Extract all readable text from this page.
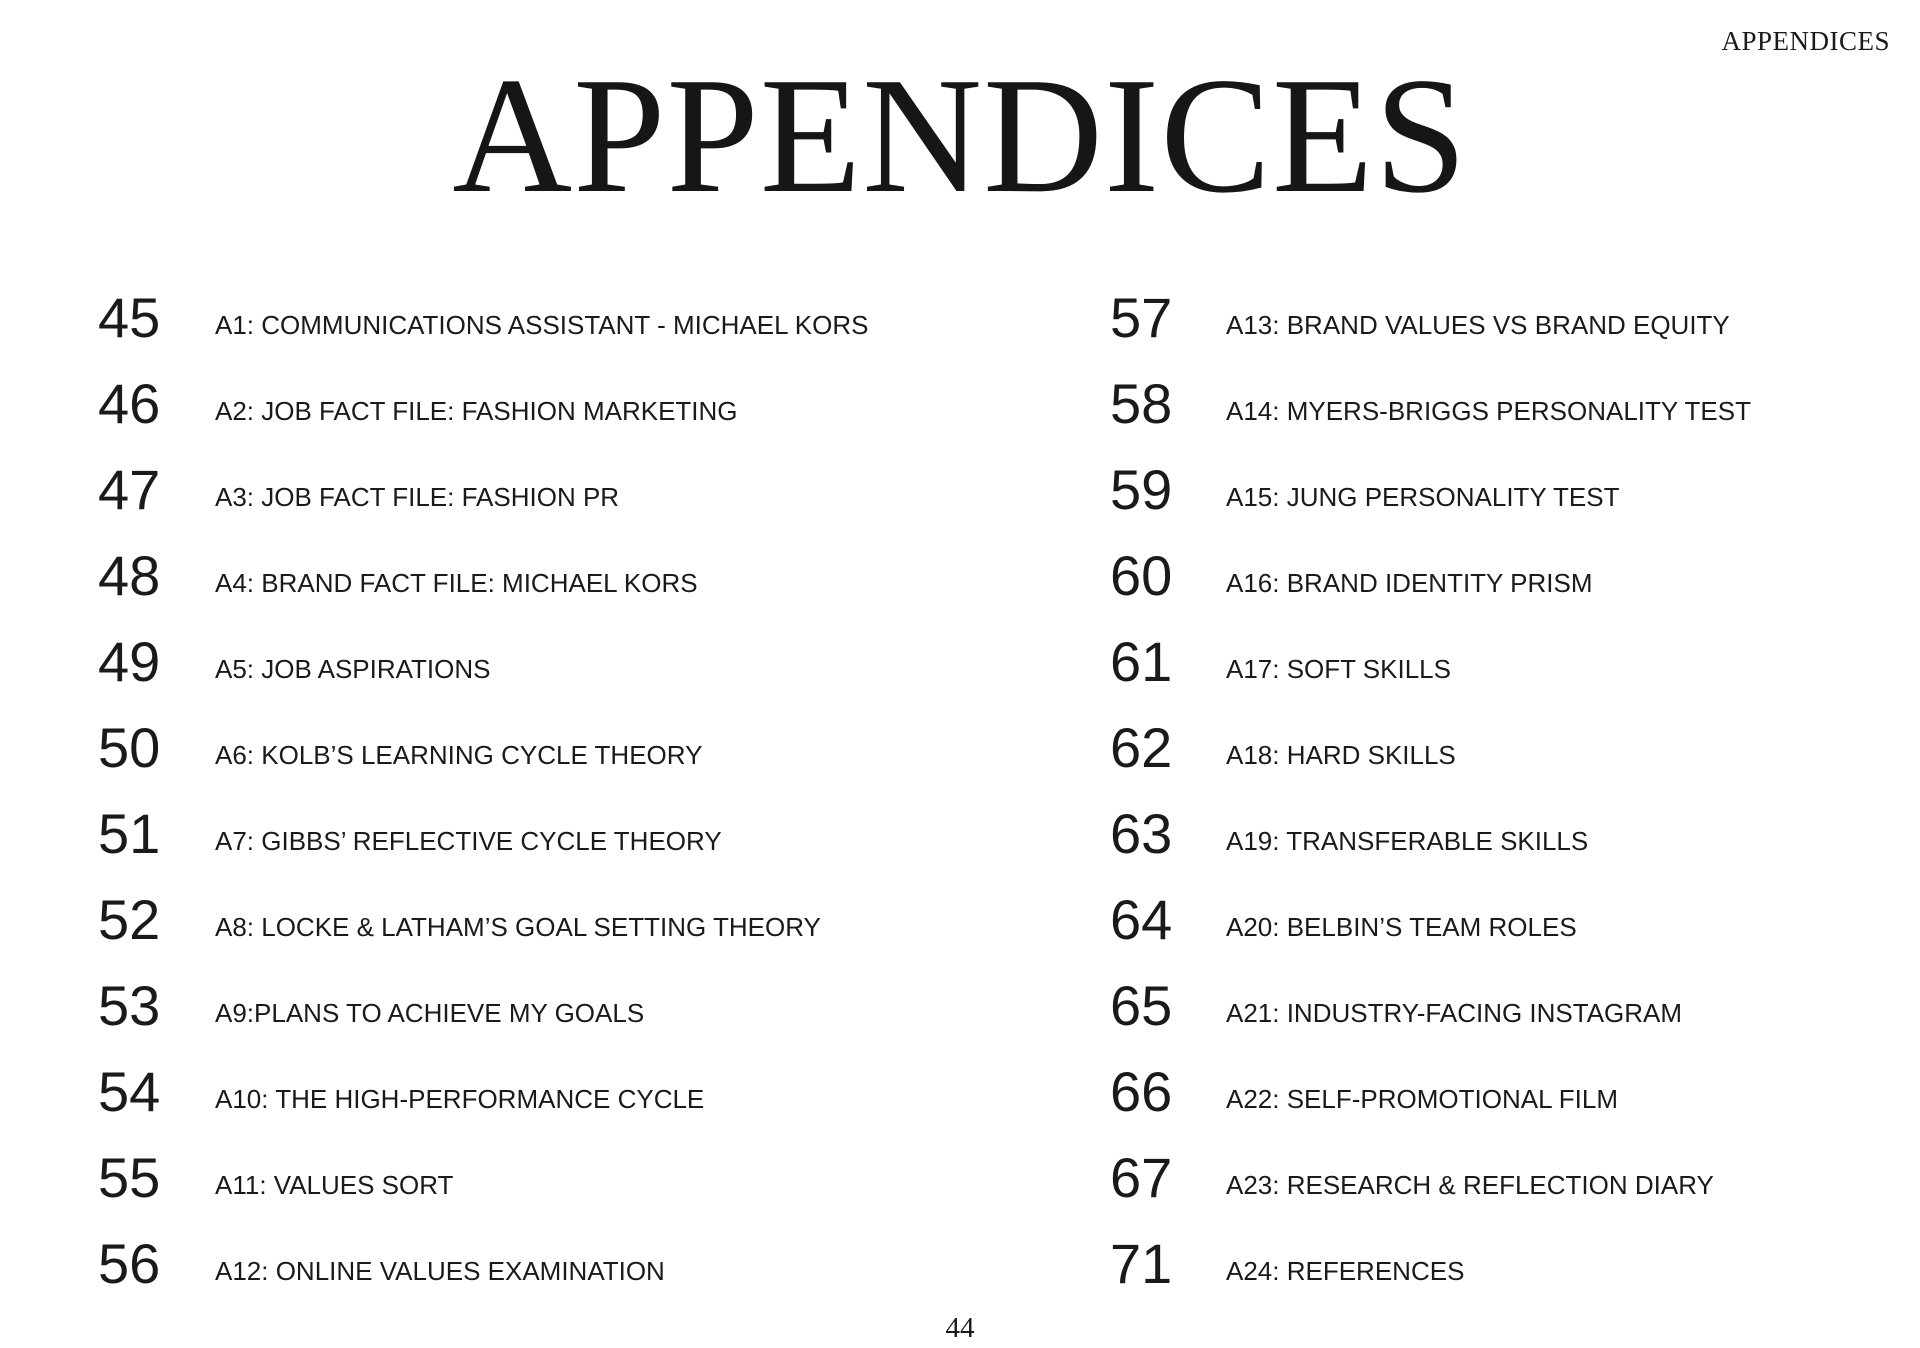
APPENDICES
APPENDICES
45 A1: COMMUNICATIONS ASSISTANT - MICHAEL KORS
46 A2: JOB FACT FILE: FASHION MARKETING
47 A3: JOB FACT FILE: FASHION PR
48 A4: BRAND FACT FILE: MICHAEL KORS
49 A5: JOB ASPIRATIONS
50 A6: KOLB’S LEARNING CYCLE THEORY
51 A7: GIBBS’ REFLECTIVE CYCLE THEORY
52 A8: LOCKE & LATHAM’S GOAL SETTING THEORY
53 A9:PLANS TO ACHIEVE MY GOALS
54 A10: THE HIGH-PERFORMANCE CYCLE
55 A11: VALUES SORT
56 A12: ONLINE VALUES EXAMINATION
57 A13: BRAND VALUES VS BRAND EQUITY
58 A14: MYERS-BRIGGS PERSONALITY TEST
59 A15: JUNG PERSONALITY TEST
60 A16: BRAND IDENTITY PRISM
61 A17: SOFT SKILLS
62 A18: HARD SKILLS
63 A19: TRANSFERABLE SKILLS
64 A20: BELBIN’S TEAM ROLES
65 A21: INDUSTRY-FACING INSTAGRAM
66 A22: SELF-PROMOTIONAL FILM
67 A23: RESEARCH & REFLECTION DIARY
71 A24: REFERENCES
44
